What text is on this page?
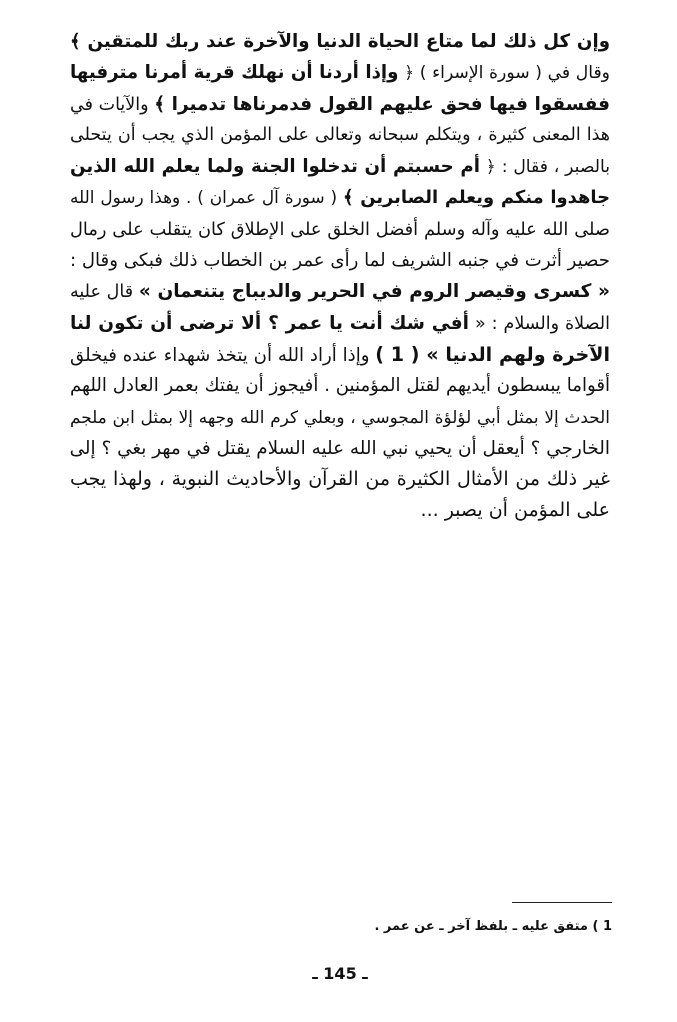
وإن كل ذلك لما متاع الحياة الدنيا والآخرة عند ربك للمتقين ﴾
وقال في ( سورة الإسراء ) ﴿ وإذا أردنا أن نهلك قرية أمرنا مترفيها
ففسقوا فيها فحق عليهم القول فدمرناها تدميرا ﴾ والآيات في
هذا المعنى كثيرة ، ويتكلم سبحانه وتعالى على المؤمن الذي يجب أن يتحلى
بالصبر ، فقال : ﴿ أم حسبتم أن تدخلوا الجنة ولما يعلم الله الذين
جاهدوا منكم ويعلم الصابرين ﴾ ( سورة آل عمران ) . وهذا رسول الله
صلى الله عليه وآله وسلم أفضل الخلق على الإطلاق كان يتقلب على رمال
حصير أثرت في جنبه الشريف لما رأى عمر بن الخطاب ذلك فبكى وقال :
« كسرى وقيصر الروم في الحرير والديباج يتنعمان » قال عليه
الصلاة والسلام : « أفي شك أنت يا عمر ؟ ألا ترضى أن تكون لنا
الآخرة ولهم الدنيا » ( 1 ) وإذا أراد الله أن يتخذ شهداء عنده فيخلق
أقواما يبسطون أيديهم لقتل المؤمنين . أفيجوز أن يفتك بعمر العادل اللهم
الحدث إلا بمثل أبي لؤلؤة المجوسي ، وبعلي كرم الله وجهه إلا بمثل ابن ملجم
الخارجي ؟ أيعقل أن يحيي نبي الله عليه السلام يقتل في مهر بغي ؟ إلى
غير ذلك من الأمثال الكثيرة من القرآن والأحاديث النبوية ، ولهذا يجب
على المؤمن أن يصبر ...
1 ) متفق عليه ـ بلفظ آخر ـ عن عمر .
ـ 145 ـ
